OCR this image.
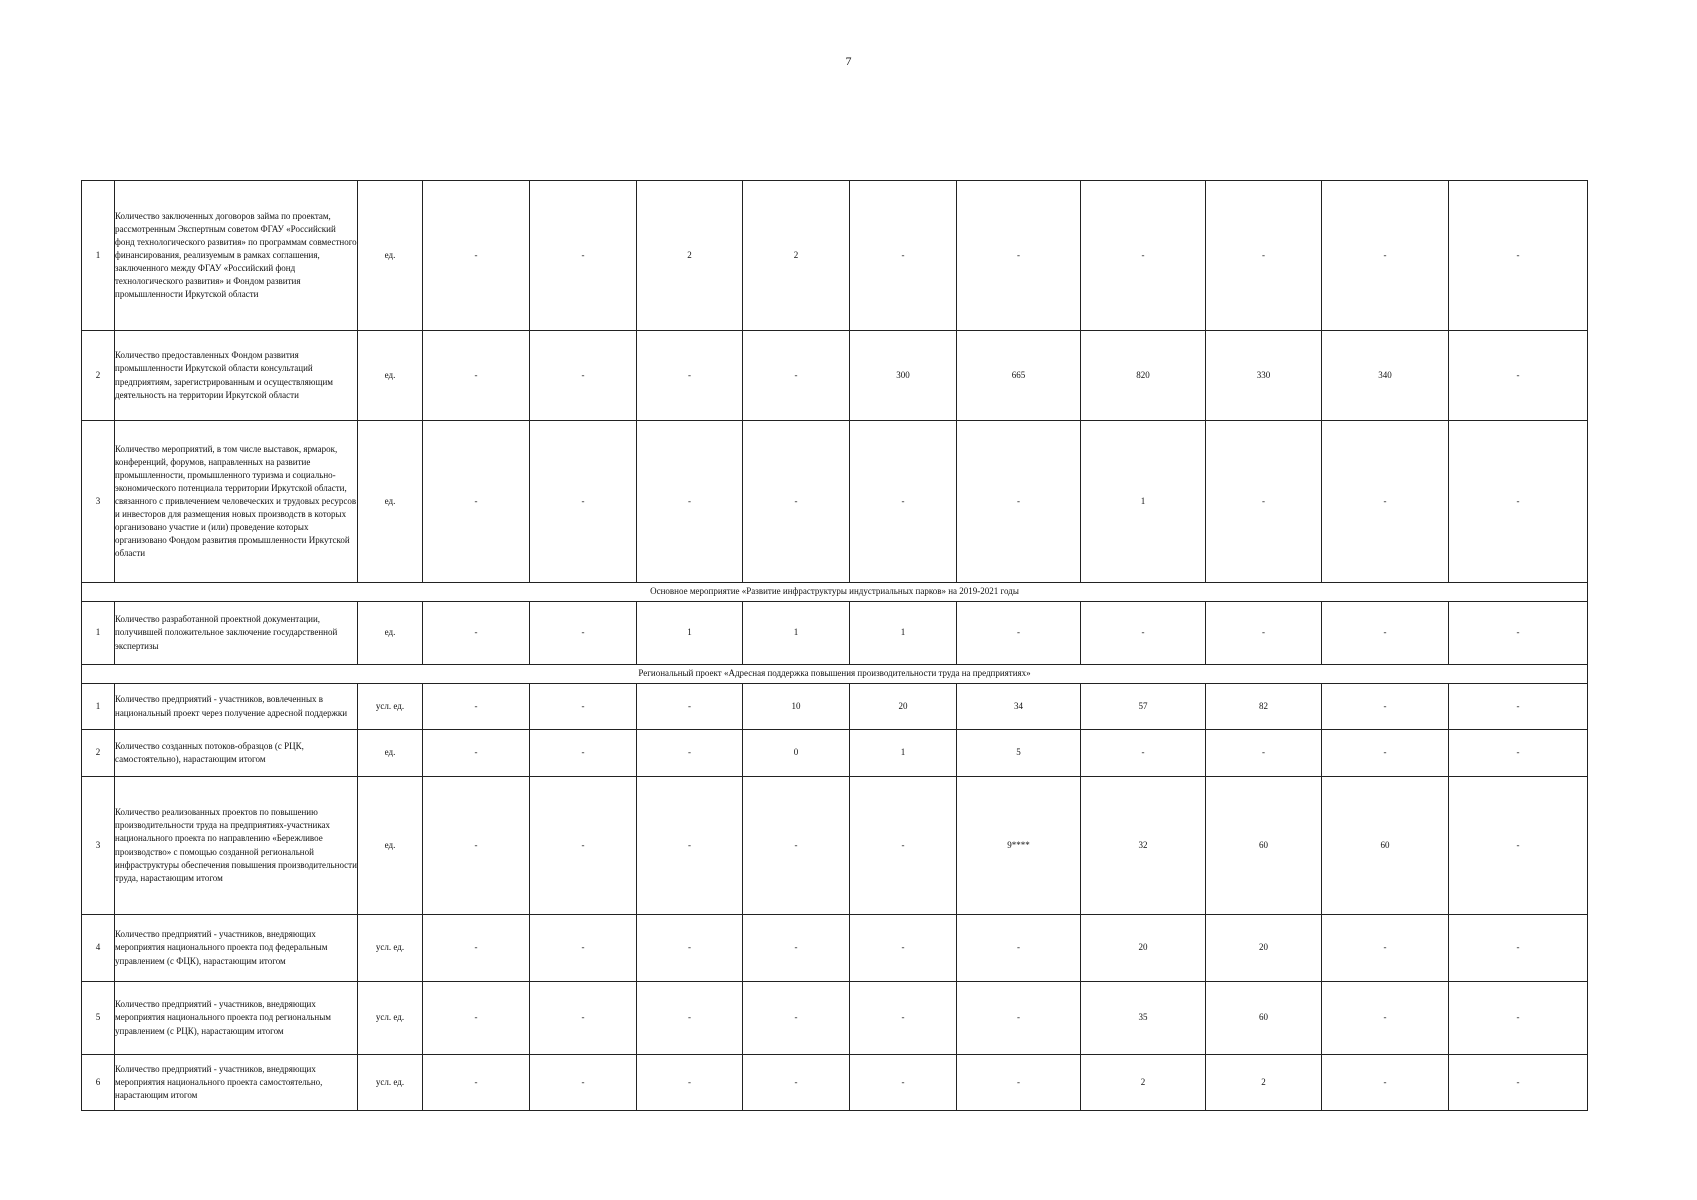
7
1	Количество заключенных договоров займа по проектам, рассмотренным Экспертным советом ФГАУ «Российский фонд технологического развития» по программам совместного финансирования, реализуемым в рамках соглашения, заключенного между ФГАУ «Российский фонд технологического развития» и Фондом развития промышленности Иркутской области	ед.	-	-	2	2	-	-	-	-	-	-
2	Количество предоставленных Фондом развития промышленности Иркутской области консультаций предприятиям, зарегистрированным и осуществляющим деятельность на территории Иркутской области	ед.	-	-	-	-	300	665	820	330	340	-
3	Количество мероприятий, в том числе выставок, ярмарок, конференций, форумов, направленных на развитие промышленности, промышленного туризма и социально-экономического потенциала территории Иркутской области, связанного с привлечением человеческих и трудовых ресурсов и инвесторов для размещения новых производств в которых организовано участие и (или) проведение которых организовано Фондом развития промышленности Иркутской области	ед.	-	-	-	-	-	-	1	-	-	-
Основное мероприятие «Развитие инфраструктуры индустриальных парков» на 2019-2021 годы												
1	Количество разработанной проектной документации, получившей положительное заключение государственной экспертизы	ед.	-	-	1	1	1	-	-	-	-	-
Региональный проект «Адресная поддержка повышения производительности труда на предприятиях»												
1	Количество предприятий - участников, вовлеченных в национальный проект через получение адресной поддержки	усл. ед.	-	-	-	10	20	34	57	82	-	-
2	Количество созданных потоков-образцов (с РЦК, самостоятельно), нарастающим итогом	ед.	-	-	-	0	1	5	-	-	-	-
3	Количество реализованных проектов по повышению производительности труда на предприятиях-участниках национального проекта по направлению «Бережливое производство» с помощью созданной региональной инфраструктуры обеспечения повышения производительности труда, нарастающим итогом	ед.	-	-	-	-	-	9****	32	60	60	-
4	Количество предприятий - участников, внедряющих мероприятия национального проекта под федеральным управлением (с ФЦК), нарастающим итогом	усл. ед.	-	-	-	-	-	-	20	20	-	-
5	Количество предприятий - участников, внедряющих мероприятия национального проекта под региональным управлением (с РЦК), нарастающим итогом	усл. ед.	-	-	-	-	-	-	35	60	-	-
6	Количество предприятий - участников, внедряющих мероприятия национального проекта самостоятельно, нарастающим итогом	усл. ед.	-	-	-	-	-	-	2	2	-	-
